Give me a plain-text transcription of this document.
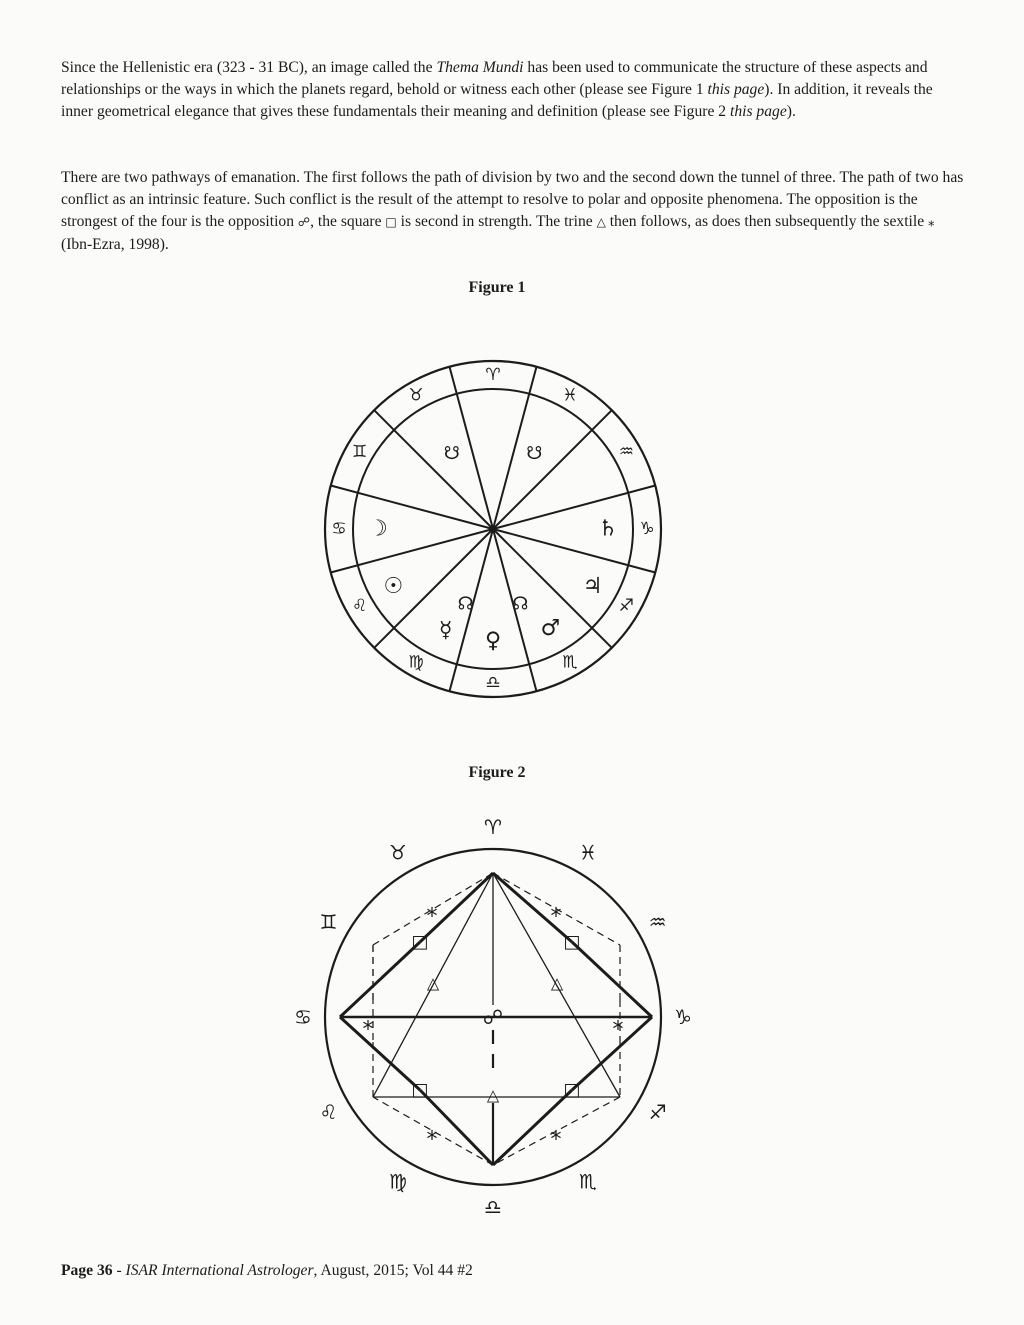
Since the Hellenistic era (323 - 31 BC), an image called the Thema Mundi has been used to communicate the structure of these aspects and relationships or the ways in which the planets regard, behold or witness each other (please see Figure 1 this page). In addition, it reveals the inner geometrical elegance that gives these fundamentals their meaning and definition (please see Figure 2 this page).

There are two pathways of emanation. The first follows the path of division by two and the second down the tunnel of three. The path of two has conflict as an intrinsic feature. Such conflict is the result of the attempt to resolve to polar and opposite phenomena. The opposition is the strongest of the four is the opposition ☍, the square □ is second in strength. The trine △ then follows, as does then subsequently the sextile ⁎ (Ibn-Ezra, 1998).

Figure 1
♈
♓
♒
♑
♐
♏
♎
♍
♌
♋
♊
♉
☊	☊
♄
☽
♃
☉
☊
☊
☿ ♀ ♂
Figure 2
♈
♓
♒
♑
♐
♏
♎
♍
♌
♋
♊
♉
☍
□	□
□	□
△	△
△
⁎	⁎
⁎	⁎
⁎	⁎
Page 36 - ISAR International Astrologer, August, 2015; Vol 44 #2
